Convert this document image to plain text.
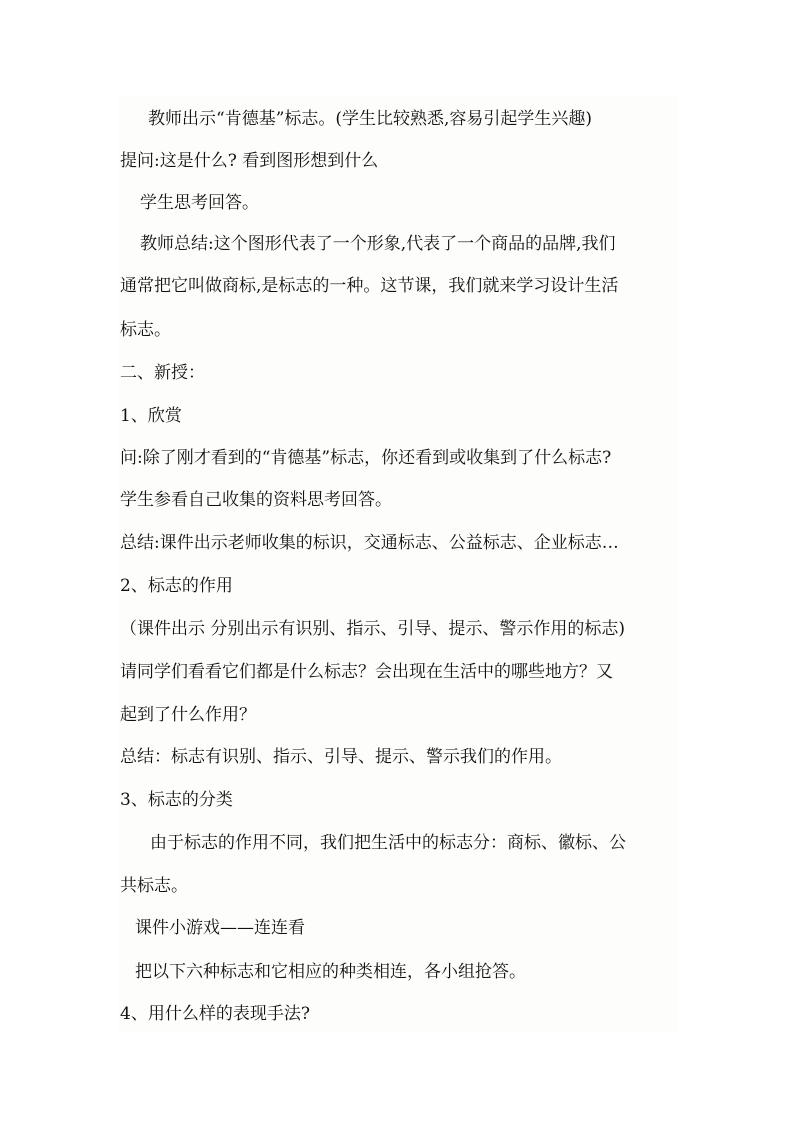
教师出示“肯德基”标志。(学生比较熟悉,容易引起学生兴趣)
提问:这是什么? 看到图形想到什么
学生思考回答。
教师总结:这个图形代表了一个形象,代表了一个商品的品牌,我们
通常把它叫做商标,是标志的一种。这节课，我们就来学习设计生活
标志。
二、新授：
1、欣赏
问:除了刚才看到的“肯德基”标志，你还看到或收集到了什么标志?
学生参看自己收集的资料思考回答。
总结:课件出示老师收集的标识，交通标志、公益标志、企业标志…
2、标志的作用
（课件出示 分别出示有识别、指示、引导、提示、警示作用的标志)
请同学们看看它们都是什么标志？会出现在生活中的哪些地方？又
起到了什么作用？
总结：标志有识别、指示、引导、提示、警示我们的作用。
3、标志的分类
由于标志的作用不同，我们把生活中的标志分：商标、徽标、公
共标志。
课件小游戏——连连看
把以下六种标志和它相应的种类相连，各小组抢答。
4、用什么样的表现手法?
